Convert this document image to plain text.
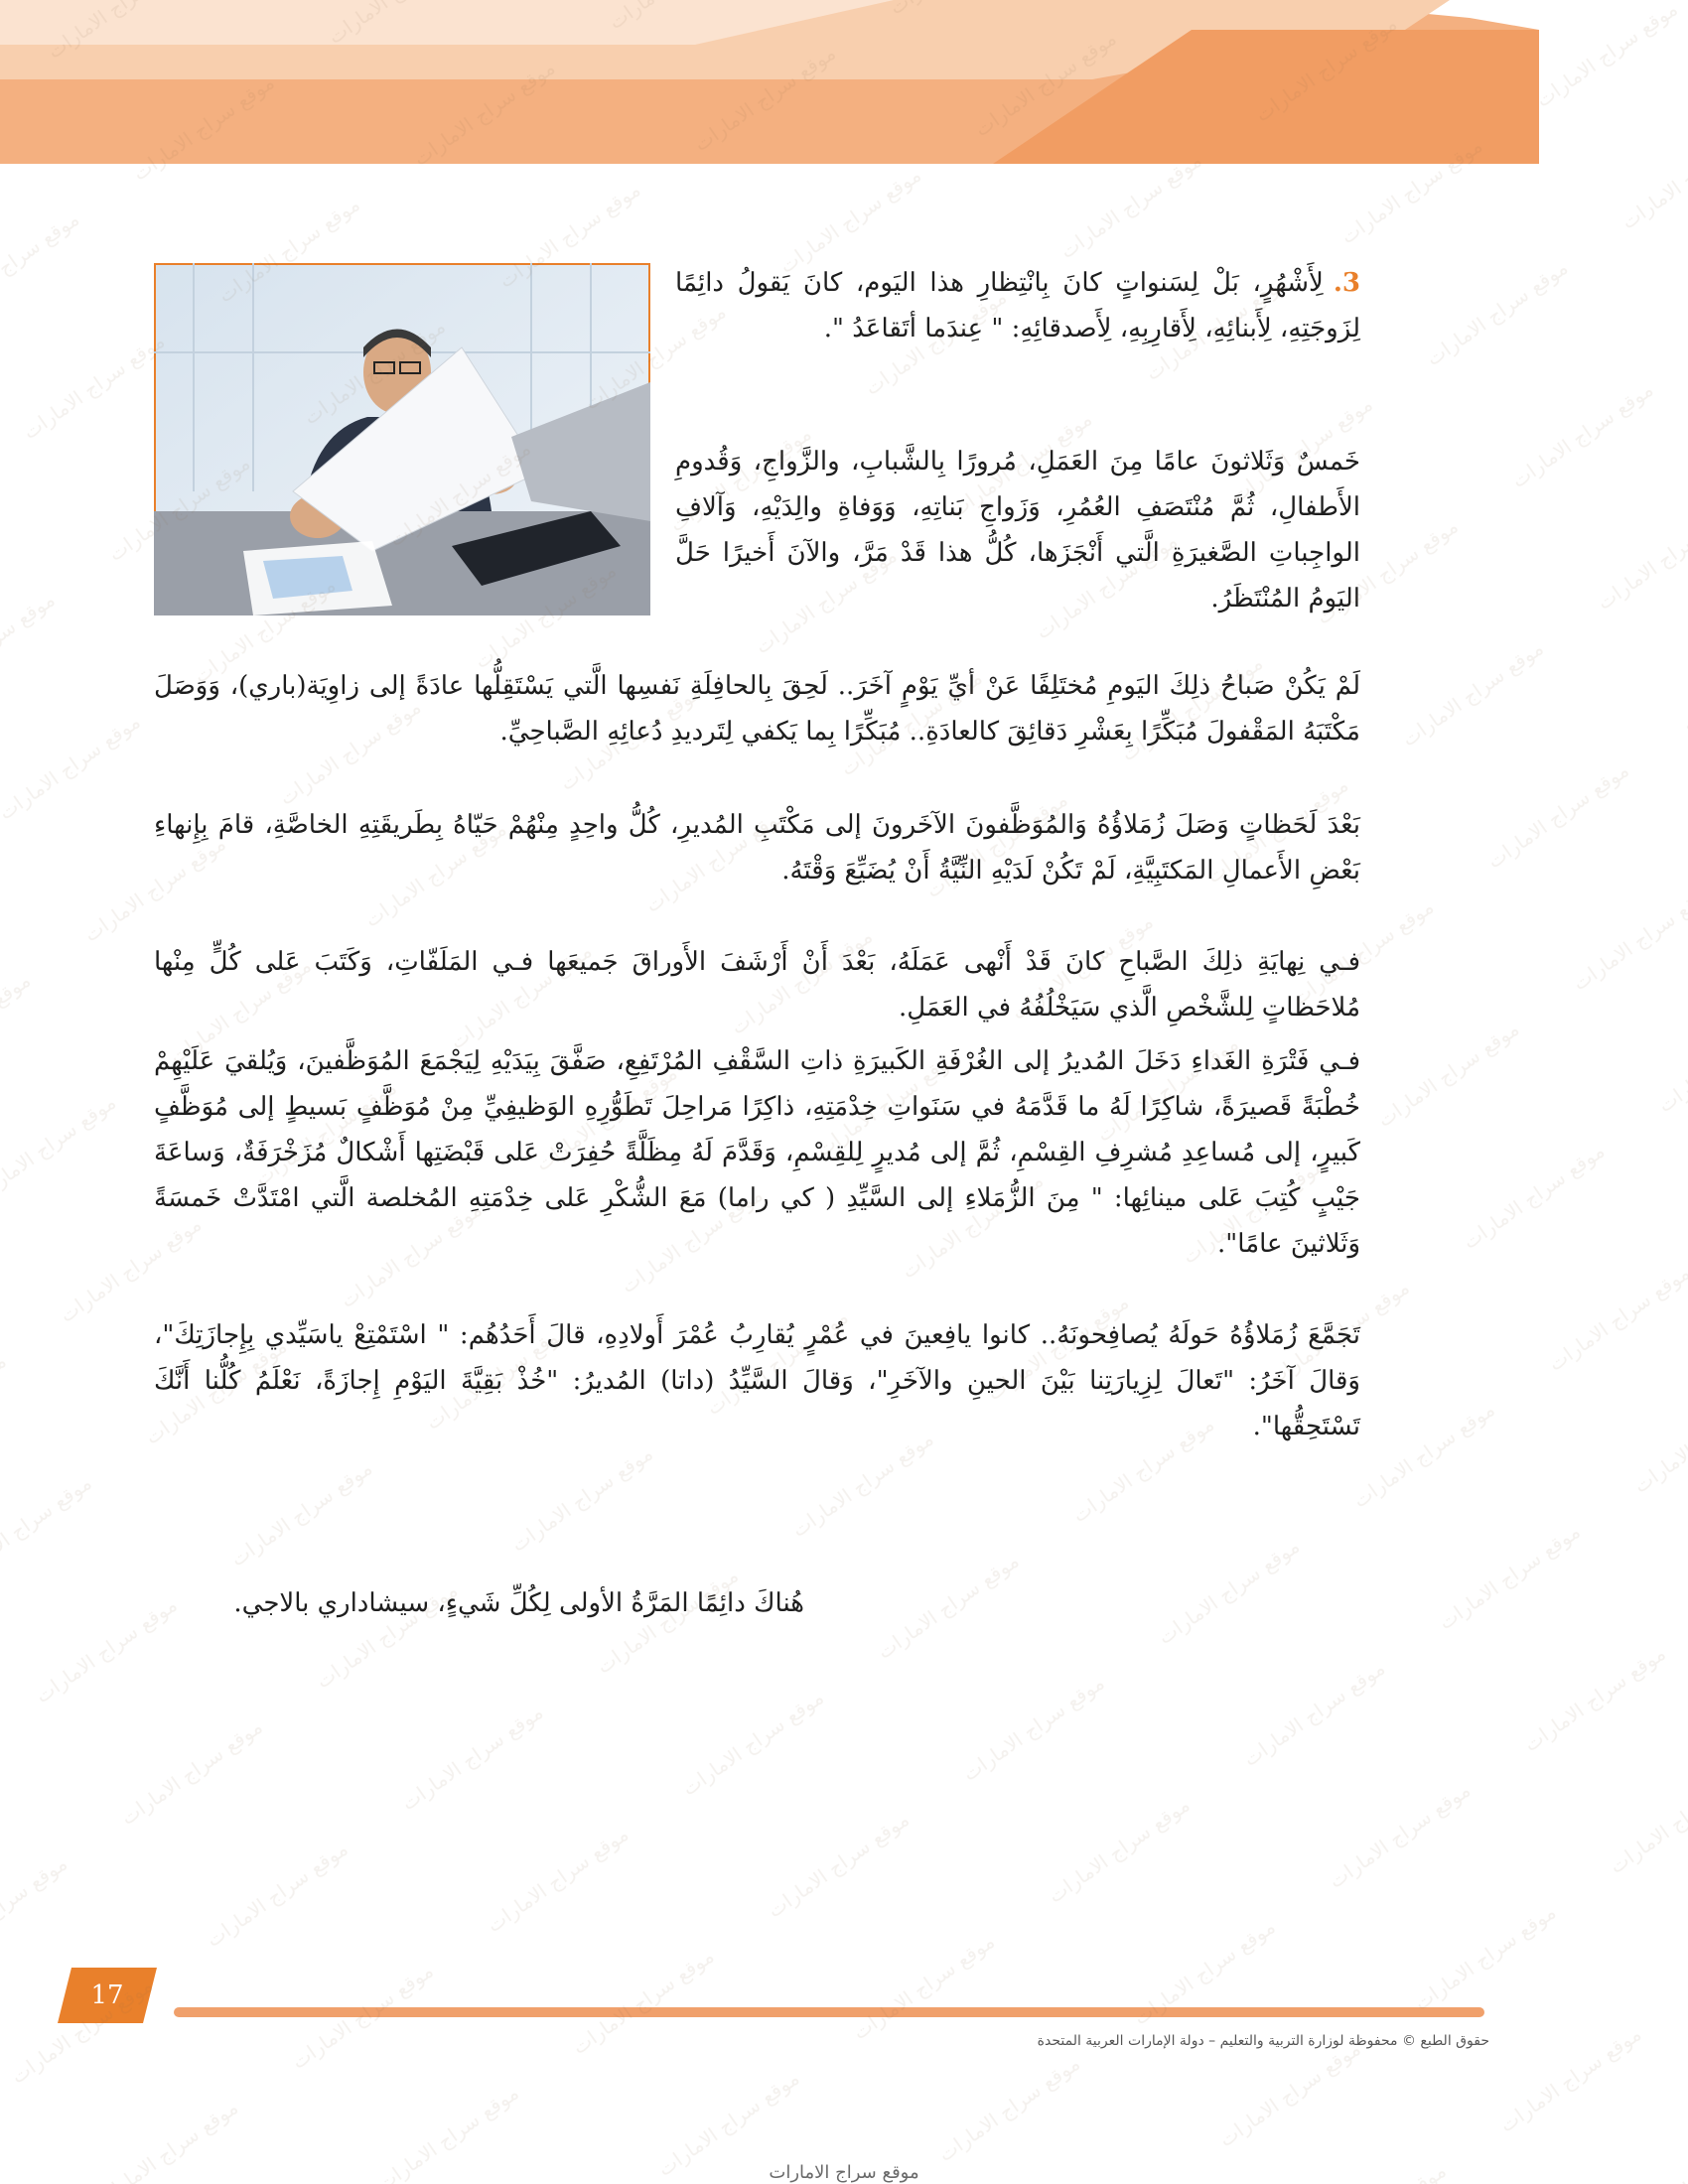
3.لِأَشْهُرٍ، بَلْ لِسَنواتٍ كانَ بِانْتِظارِ هذا اليَوم، كانَ يَقولُ دائِمًا لِزَوجَتِهِ، لِأَبنائِهِ، لِأَقارِبِهِ، لِأَصدقائِهِ: " عِندَما أتَقاعَدُ ".

خَمسٌ وَثَلاثونَ عامًا مِنَ العَمَلِ، مُرورًا بِالشَّبابِ، والزَّواجِ، وَقُدومِ الأَطفالِ، ثُمَّ مُنْتَصَفِ العُمُرِ، وَزَواجِ بَناتِهِ، وَوَفاةِ والِدَيْهِ، وَآلافِ الواجِباتِ الصَّغيرَةِ الَّتي أَنْجَزَها، كُلُّ هذا قَدْ مَرَّ، والآنَ أَخيرًا حَلَّ اليَومُ المُنْتَظَرُ.

لَمْ يَكُنْ صَباحُ ذلِكَ اليَومِ مُختَلِفًا عَنْ أيِّ يَوْمٍ آخَرَ.. لَحِقَ بِالحافِلَةِ نَفسِها الَّتي يَسْتَقِلُّها عادَةً إلى زاوِيَة(باري)، وَوَصَلَ مَكْتَبَهُ المَقْفولَ مُبَكِّرًا بِعَشْرِ دَقائِقَ كالعادَةِ.. مُبَكِّرًا بِما يَكفي لِتَرديدِ دُعائِهِ الصَّباحِيِّ.

بَعْدَ لَحَظاتٍ وَصَلَ زُمَلاؤُهُ وَالمُوَظَّفونَ الآخَرونَ إلى مَكْتَبِ المُديرِ، كُلُّ واحِدٍ مِنْهُمْ حَيّاهُ بِطَريقَتِهِ الخاصَّةِ، قامَ بِإِنهاءِ بَعْضِ الأَعمالِ المَكتَبِيَّةِ، لَمْ تَكُنْ لَدَيْهِ النِّيَّةُ أَنْ يُضَيِّعَ وَقْتَهُ.

فـي نِهايَةِ ذلِكَ الصَّباحِ كانَ قَدْ أَنْهى عَمَلَهُ، بَعْدَ أَنْ أَرْشَفَ الأَوراقَ جَميعَها فـي المَلَفّاتِ، وَكَتَبَ عَلى كُلٍّ مِنْها مُلاحَظاتٍ لِلشَّخْصِ الَّذي سَيَخْلُفُهُ في العَمَلِ.

فـي فَتْرَةِ الغَداءِ دَخَلَ المُديرُ إلى الغُرْفَةِ الكَبيرَةِ ذاتِ السَّقْفِ المُرْتَفِعِ، صَفَّقَ بِيَدَيْهِ لِيَجْمَعَ المُوَظَّفينَ، وَيُلقيَ عَلَيْهِمْ خُطْبَةً قَصيرَةً، شاكِرًا لَهُ ما قَدَّمَهُ في سَنَواتِ خِدْمَتِهِ، ذاكِرًا مَراحِلَ تَطَوُّرِهِ الوَظيفِيِّ مِنْ مُوَظَّفٍ بَسيطٍ إلى مُوَظَّفٍ كَبيرٍ، إلى مُساعِدِ مُشرِفِ القِسْمِ، ثُمَّ إلى مُديرٍ لِلقِسْمِ، وَقَدَّمَ لَهُ مِظَلَّةً حُفِرَتْ عَلى قَبْضَتِها أَشْكالٌ مُزَخْرَفَةٌ، وَساعَةَ جَيْبٍ كُتِبَ عَلى مينائِها: " مِنَ الزُّمَلاءِ إلى السَّيِّدِ ( كي راما) مَعَ الشُّكْرِ عَلى خِدْمَتِهِ المُخلصة الَّتي امْتَدَّتْ خَمسَةً وَثَلاثينَ عامًا".

تَجَمَّعَ زُمَلاؤُهُ حَولَهُ يُصافِحونَهُ.. كانوا يافِعينَ في عُمْرٍ يُقارِبُ عُمْرَ أَولادِهِ، قالَ أَحَدُهُم: " اسْتَمْتِعْ ياسَيِّدي بِإِجازَتِكَ"، وَقالَ آخَرُ: "تَعالَ لِزِيارَتِنا بَيْنَ الحينِ والآخَرِ"، وَقالَ السَّيِّدُ (داتا) المُديرُ: "خُذْ بَقِيَّةَ اليَوْمِ إِجازَةً، نَعْلَمُ كُلُّنا أَنَّكَ تَسْتَحِقُّها".

هُناكَ دائِمًا المَرَّةُ الأولى لِكُلِّ شَيءٍ، سيشاداري بالاجي.

17
حقوق الطبع © محفوظة لوزارة التربية والتعليم – دولة الإمارات العربية المتحدة
موقع سراج الامارات
